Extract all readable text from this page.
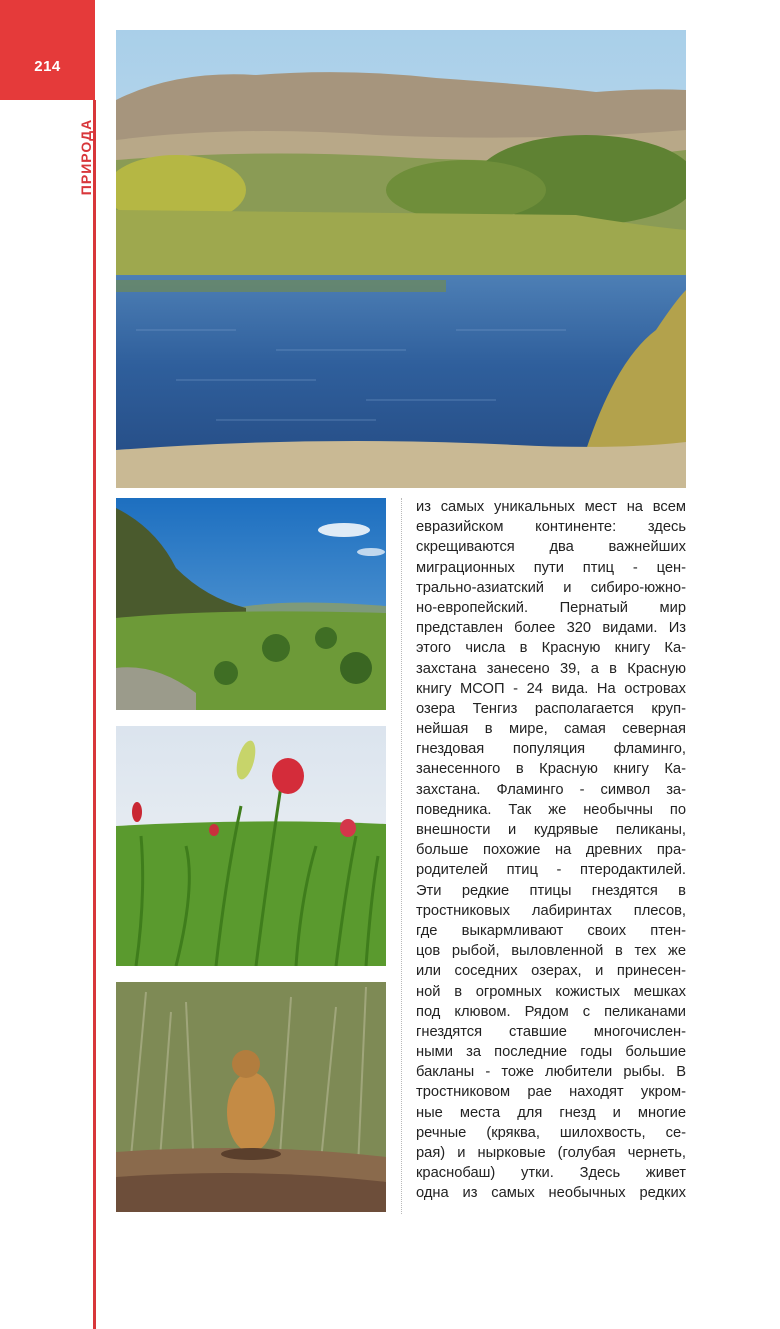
214
ПРИРОДА
из самых уникальных мест на всем
евразийском континенте: здесь
скрещиваются два важнейших
миграционных пути птиц - цен-
трально-азиатский и сибиро-южно-
но-европейский. Пернатый мир
представлен более 320 видами. Из
этого числа в Красную книгу Ка-
захстана занесено 39, а в Красную
книгу МСОП - 24 вида. На островах
озера Тенгиз располагается круп-
нейшая в мире, самая северная
гнездовая популяция фламинго,
занесенного в Красную книгу Ка-
захстана. Фламинго - символ за-
поведника. Так же необычны по
внешности и кудрявые пеликаны,
больше похожие на древних пра-
родителей птиц - птеродактилей.
Эти редкие птицы гнездятся в
тростниковых лабиринтах плесов,
где выкармливают своих птен-
цов рыбой, выловленной в тех же
или соседних озерах, и принесен-
ной в огромных кожистых мешках
под клювом. Рядом с пеликанами
гнездятся ставшие многочислен-
ными за последние годы большие
бакланы - тоже любители рыбы. В
тростниковом рае находят укром-
ные места для гнезд и многие
речные (кряква, шилохвость, се-
рая) и нырковые (голубая чернеть,
краснобаш) утки. Здесь живет
одна из самых необычных редких
